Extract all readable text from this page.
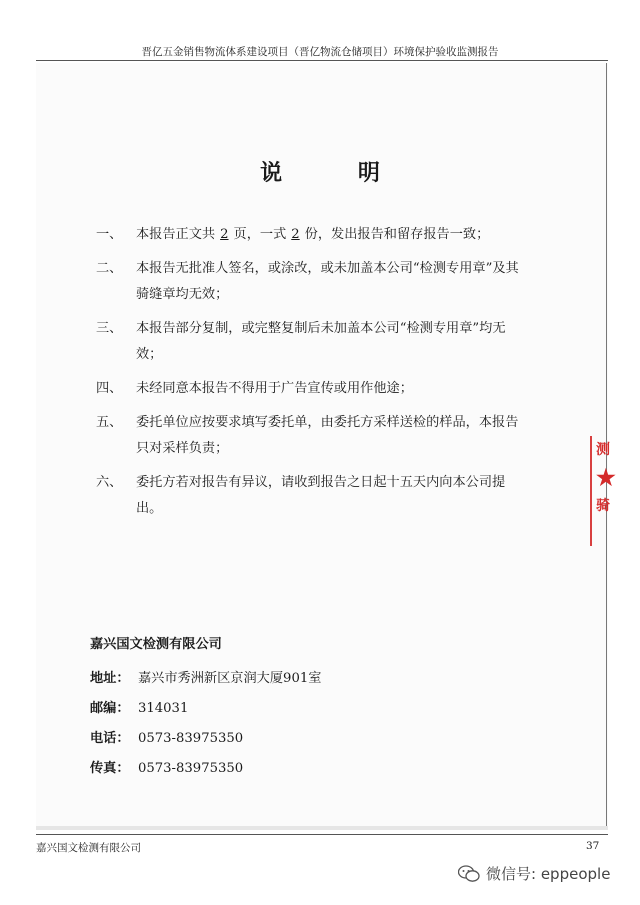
晋亿五金销售物流体系建设项目（晋亿物流仓储项目）环境保护验收监测报告
说 明
一、	本报告正文共 2 页，一式 2 份，发出报告和留存报告一致；
二、	本报告无批准人签名，或涂改，或未加盖本公司“检测专用章”及其骑缝章均无效；
三、	本报告部分复制，或完整复制后未加盖本公司“检测专用章”均无效；
四、	未经同意本报告不得用于广告宣传或用作他途；
五、	委托单位应按要求填写委托单，由委托方采样送检的样品，本报告只对采样负责；
六、	委托方若对报告有异议，请收到报告之日起十五天内向本公司提出。
测
★
骑
嘉兴国文检测有限公司
地址： 嘉兴市秀洲新区京润大厦901室
邮编： 314031
电话： 0573-83975350
传真： 0573-83975350
嘉兴国文检测有限公司	37
微信号: eppeople
